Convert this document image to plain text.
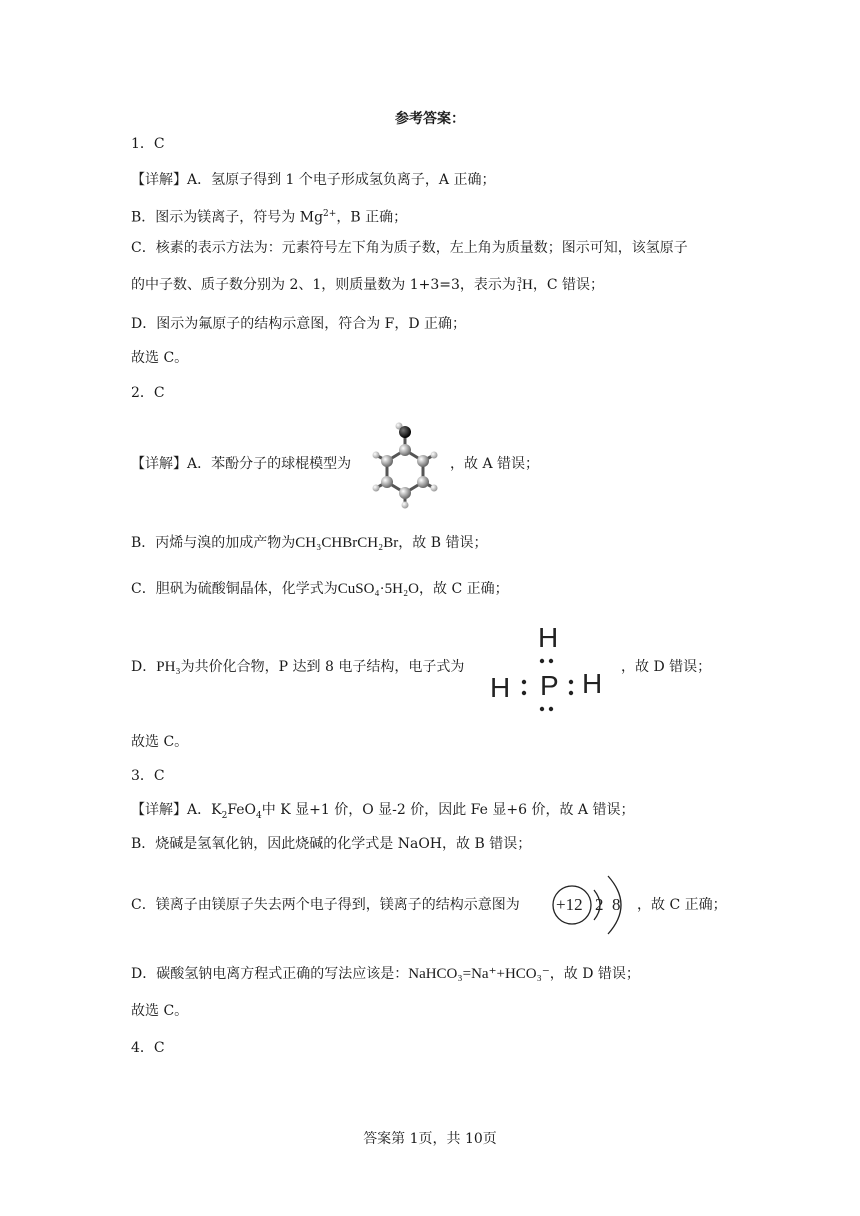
参考答案：
1．C
【详解】A．氢原子得到 1 个电子形成氢负离子，A 正确；
B．图示为镁离子，符号为 $Mg^{2+}$，B 正确；
C．核素的表示方法为：元素符号左下角为质子数，左上角为质量数；图示可知，该氢原子
的中子数、质子数分别为 2、1，则质量数为 1+3=3，表示为 3
1 H，C 错误；
D．图示为氟原子的结构示意图，符合为 F，D 正确；
故选 C。
2．C
【详解】A．苯酚分子的球棍模型为	，故 A 错误；
B．丙烯与溴的加成产物为CH₃CHBrCH₂Br，故 B 错误；
C．胆矾为硫酸铜晶体，化学式为CuSO₄·5H₂O，故 C 正确；
D．PH₃为共价化合物，P 达到 8 电子结构，电子式为
H
P
H	H
，故 D 错误；
故选 C。
3．C
【详解】A．$K_2FeO_4$中 K 显+1 价，O 显-2 价，因此 Fe 显+6 价，故 A 错误；
B．烧碱是氢氧化钠，因此烧碱的化学式是 NaOH，故 B 错误；
C．镁离子由镁原子失去两个电子得到，镁离子的结构示意图为 +12 2 8 ，故 C 正确；
D．碳酸氢钠电离方程式正确的写法应该是：NaHCO₃=Na⁺+HCO₃⁻，故 D 错误；
故选 C。
4．C
答案第 1页，共 10页
